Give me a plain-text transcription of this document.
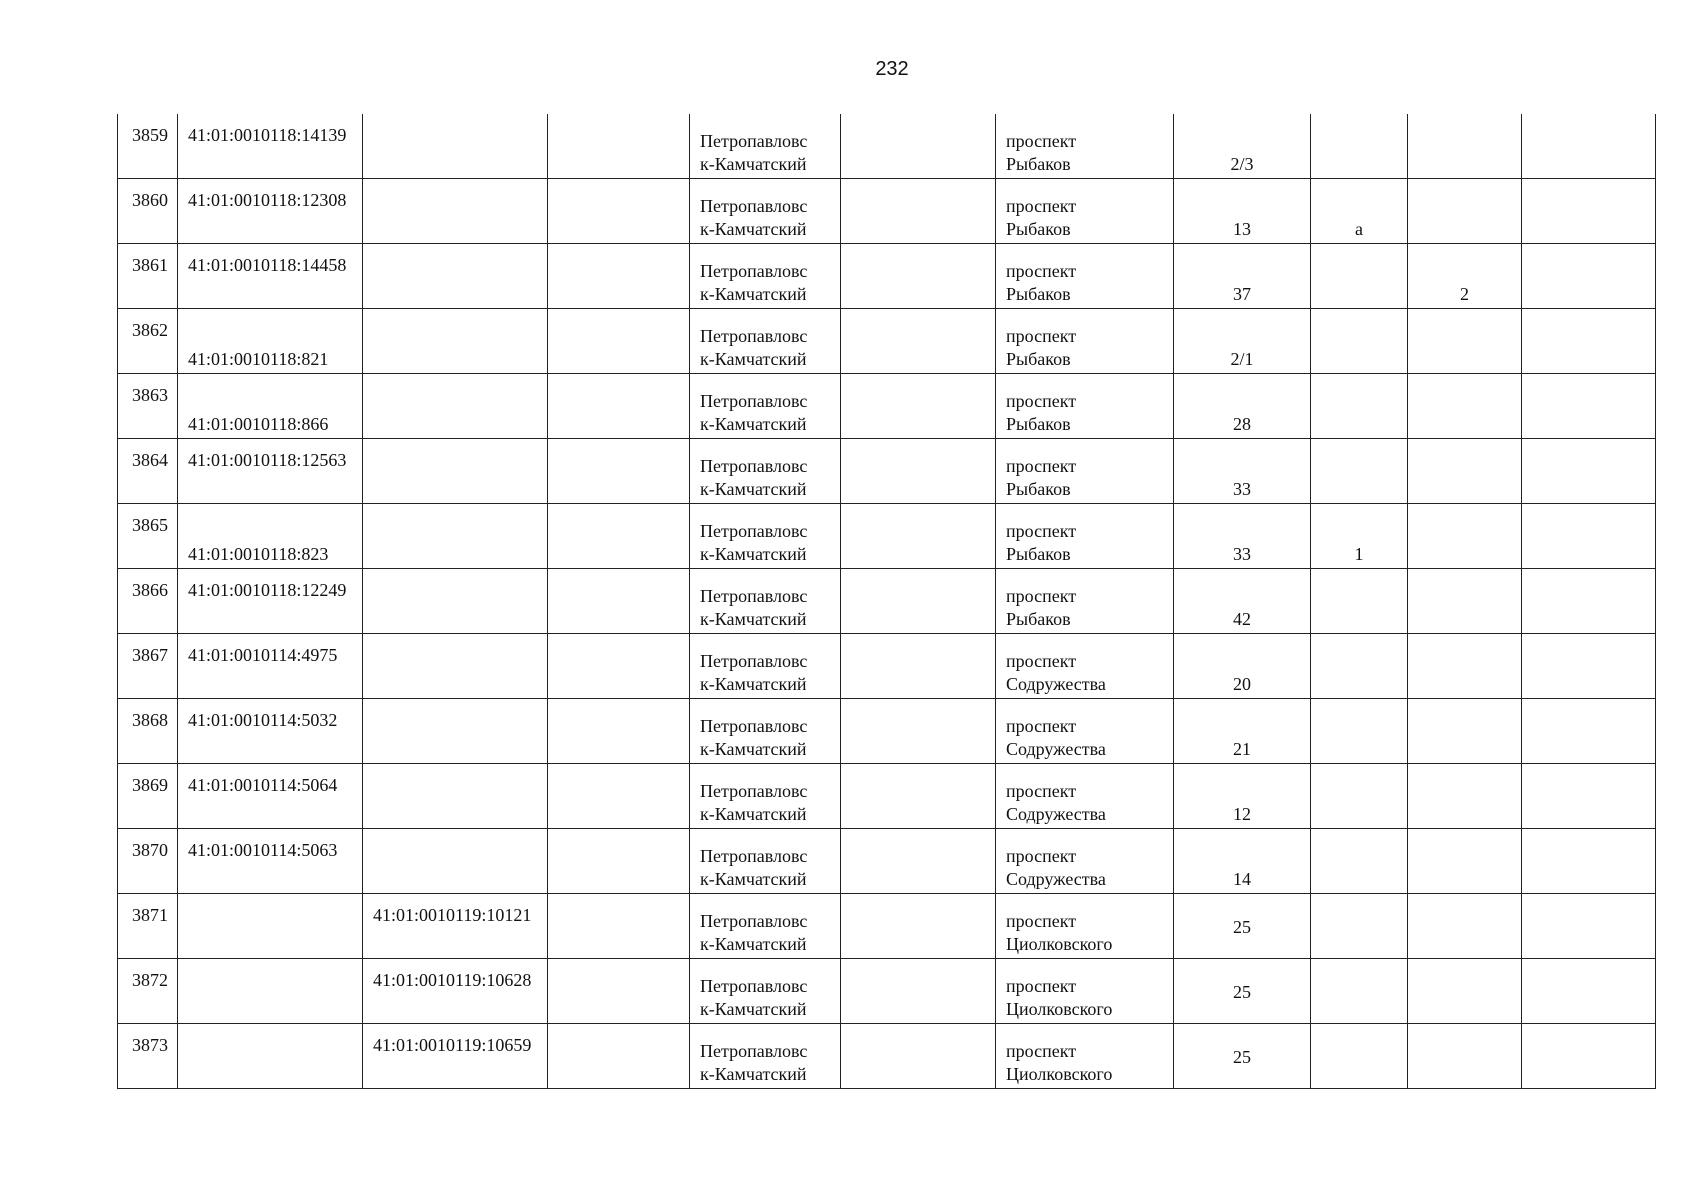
232
3859	41:01:0010118:14139			Петропавловс
к-Камчатский		проспект
Рыбаков	2/3			

3860	41:01:0010118:12308			Петропавловс
к-Камчатский		проспект
Рыбаков	13	а		

3861	41:01:0010118:14458			Петропавловс
к-Камчатский		проспект
Рыбаков	37		2	

3862	41:01:0010118:821			Петропавловс
к-Камчатский		проспект
Рыбаков	2/1			

3863	41:01:0010118:866			Петропавловс
к-Камчатский		проспект
Рыбаков	28			

3864	41:01:0010118:12563			Петропавловс
к-Камчатский		проспект
Рыбаков	33			

3865	41:01:0010118:823			Петропавловс
к-Камчатский		проспект
Рыбаков	33	1		

3866	41:01:0010118:12249			Петропавловс
к-Камчатский		проспект
Рыбаков	42			

3867	41:01:0010114:4975			Петропавловс
к-Камчатский		проспект
Содружества	20			

3868	41:01:0010114:5032			Петропавловс
к-Камчатский		проспект
Содружества	21			

3869	41:01:0010114:5064			Петропавловс
к-Камчатский		проспект
Содружества	12			

3870	41:01:0010114:5063			Петропавловс
к-Камчатский		проспект
Содружества	14			

3871		41:01:0010119:10121		Петропавловс
к-Камчатский		проспект
Циолковского	25			

3872		41:01:0010119:10628		Петропавловс
к-Камчатский		проспект
Циолковского	25			

3873		41:01:0010119:10659		Петропавловс
к-Камчатский		проспект
Циолковского	25			
